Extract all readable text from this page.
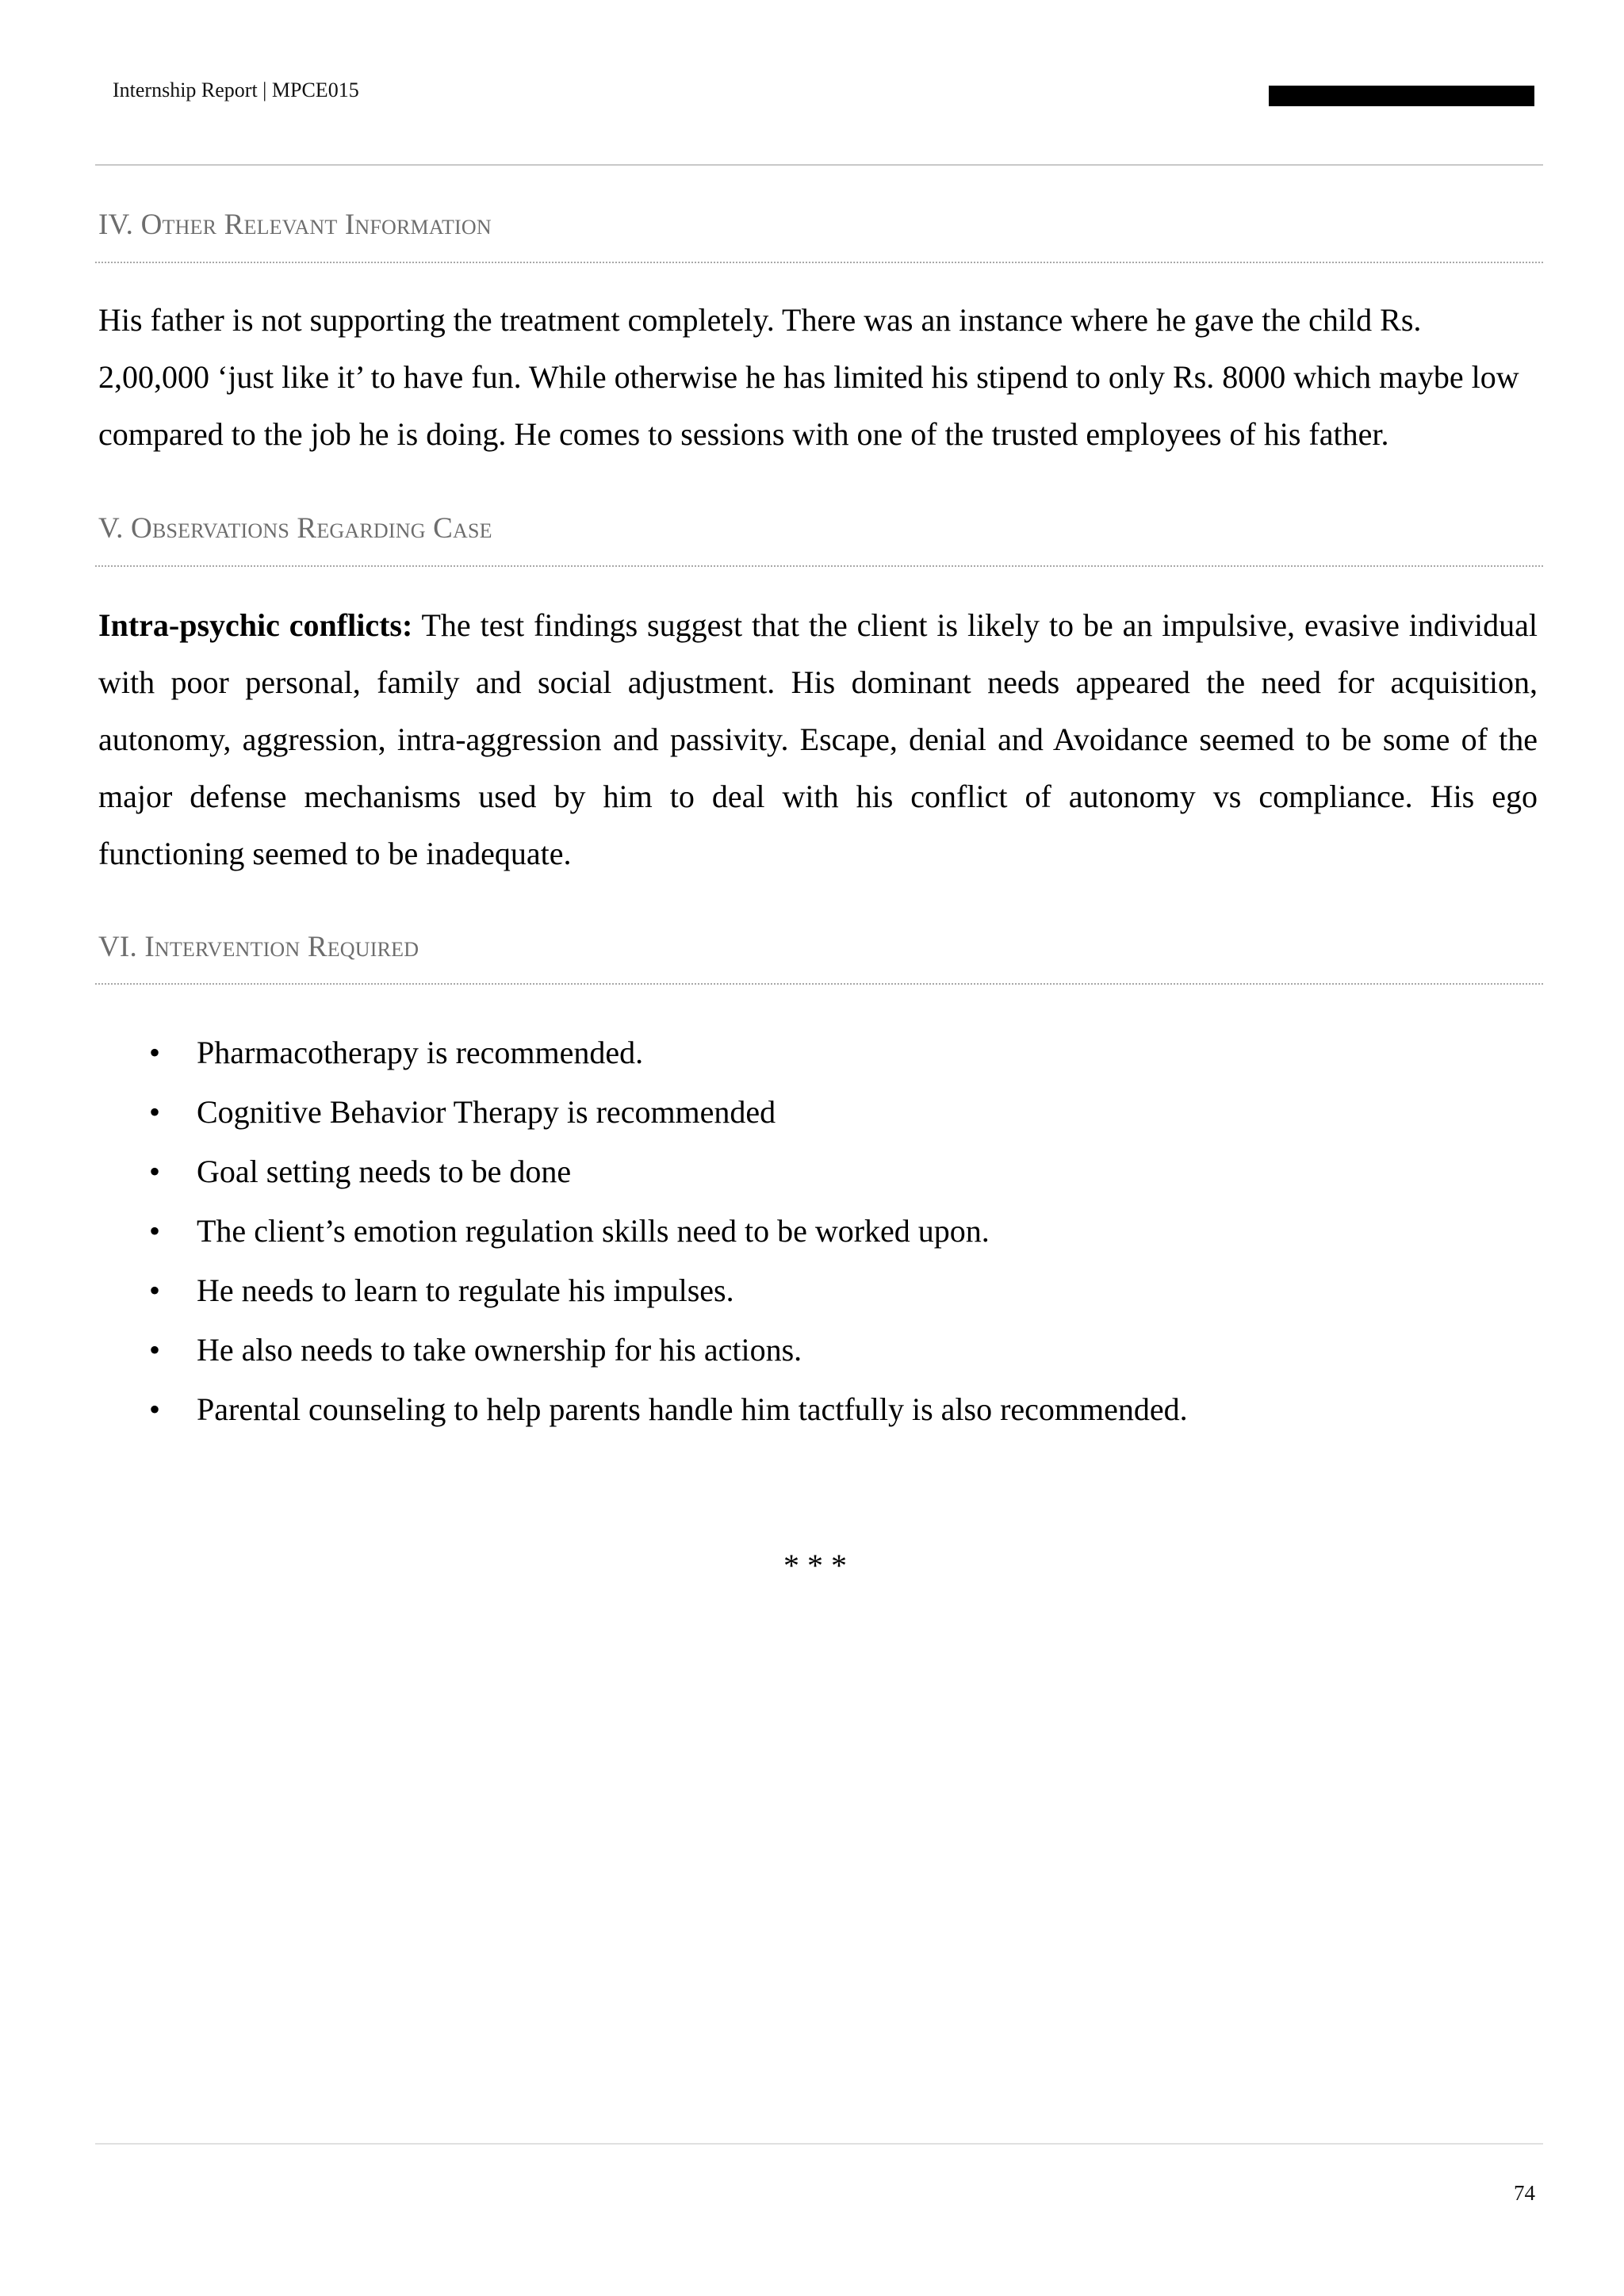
Internship Report | MPCE015
IV. Other Relevant Information
His father is not supporting the treatment completely. There was an instance where he gave the child Rs. 2,00,000 ‘just like it’ to have fun. While otherwise he has limited his stipend to only Rs. 8000 which maybe low compared to the job he is doing. He comes to sessions with one of the trusted employees of his father.
V. Observations Regarding Case
Intra-psychic conflicts: The test findings suggest that the client is likely to be an impulsive, evasive individual with poor personal, family and social adjustment. His dominant needs appeared the need for acquisition, autonomy, aggression, intra-aggression and passivity. Escape, denial and Avoidance seemed to be some of the major defense mechanisms used by him to deal with his conflict of autonomy vs compliance. His ego functioning seemed to be inadequate.
VI. Intervention Required
• Pharmacotherapy is recommended.
• Cognitive Behavior Therapy is recommended
• Goal setting needs to be done
• The client’s emotion regulation skills need to be worked upon.
• He needs to learn to regulate his impulses.
• He also needs to take ownership for his actions.
• Parental counseling to help parents handle him tactfully is also recommended.
* * *
74
